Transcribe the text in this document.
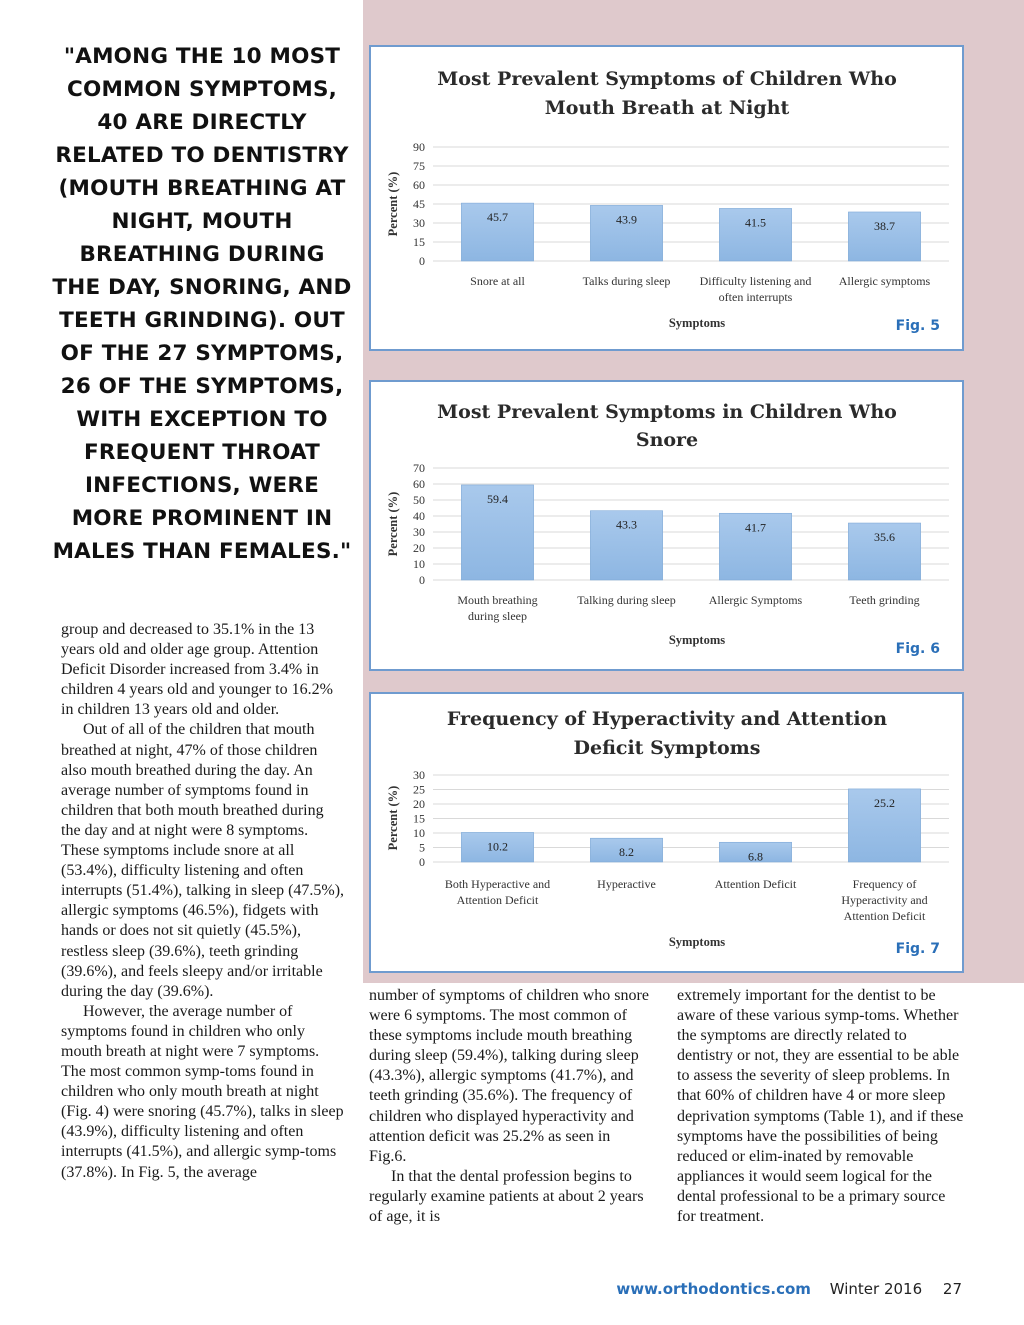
"AMONG THE 10 MOST COMMON SYMPTOMS, 40 ARE DIRECTLY RELATED TO DENTISTRY (MOUTH BREATHING AT NIGHT, MOUTH BREATHING DURING THE DAY, SNORING, AND TEETH GRINDING). OUT OF THE 27 SYMPTOMS, 26 OF THE SYMPTOMS, WITH EXCEPTION TO FREQUENT THROAT INFECTIONS, WERE MORE PROMINENT IN MALES THAN FEMALES."

group and decreased to 35.1% in the 13 years old and older age group. Attention Deficit Disorder increased from 3.4% in children 4 years old and younger to 16.2% in children 13 years old and older.

Out of all of the children that mouth breathed at night, 47% of those children also mouth breathed during the day. An average number of symptoms found in children that both mouth breathed during the day and at night were 8 symptoms. These symptoms include snore at all (53.4%), difficulty listening and often interrupts (51.4%), talking in sleep (47.5%), allergic symptoms (46.5%), fidgets with hands or does not sit quietly (45.5%), restless sleep (39.6%), teeth grinding (39.6%), and feels sleepy and/or irritable during the day (39.6%).

However, the average number of symptoms found in children who only mouth breath at night were 7 symptoms. The most common symp-toms found in children who only mouth breath at night (Fig. 4) were snoring (45.7%), talks in sleep (43.9%), difficulty listening and often interrupts (41.5%), and allergic symp-toms (37.8%). In Fig. 5, the average

number of symptoms of children who snore were 6 symptoms. The most common of these symptoms include mouth breathing during sleep (59.4%), talking during sleep (43.3%), allergic symptoms (41.7%), and teeth grinding (35.6%). The frequency of children who displayed hyperactivity and attention deficit was 25.2% as seen in Fig.6.

In that the dental profession begins to regularly examine patients at about 2 years of age, it is

extremely important for the dentist to be aware of these various symp-toms. Whether the symptoms are directly related to dentistry or not, they are essential to be able to assess the severity of sleep problems. In that 60% of children have 4 or more sleep deprivation symptoms (Table 1), and if these symptoms have the possibilities of being reduced or elim-inated by removable appliances it would seem logical for the dental professional to be a primary source for treatment.

Most Prevalent Symptoms of Children Who
Mouth Breath at Night
0
15
30
45
60
75
90
45.7
Snore at all
43.9
Talks during sleep
41.5
Difficulty listening and
often interrupts
38.7
Allergic symptoms
Percent (%)
Symptoms	Fig. 5
Most Prevalent Symptoms in Children Who
Snore
0
10
20
30
40
50
60
70
59.4
Mouth breathing
during sleep
43.3
Talking during sleep
41.7
Allergic Symptoms
35.6
Teeth grinding
Percent (%)
Symptoms
Fig. 6
Frequency of Hyperactivity and Attention
Deficit Symptoms
0
5
10
15
20
25
30
10.2
Both Hyperactive and
Attention Deficit
8.2
Hyperactive
6.8
Attention Deficit
25.2
Frequency of
Hyperactivity and
Attention Deficit
Percent (%)
Symptoms	Fig. 7
www.orthodontics.com Winter 2016 27
